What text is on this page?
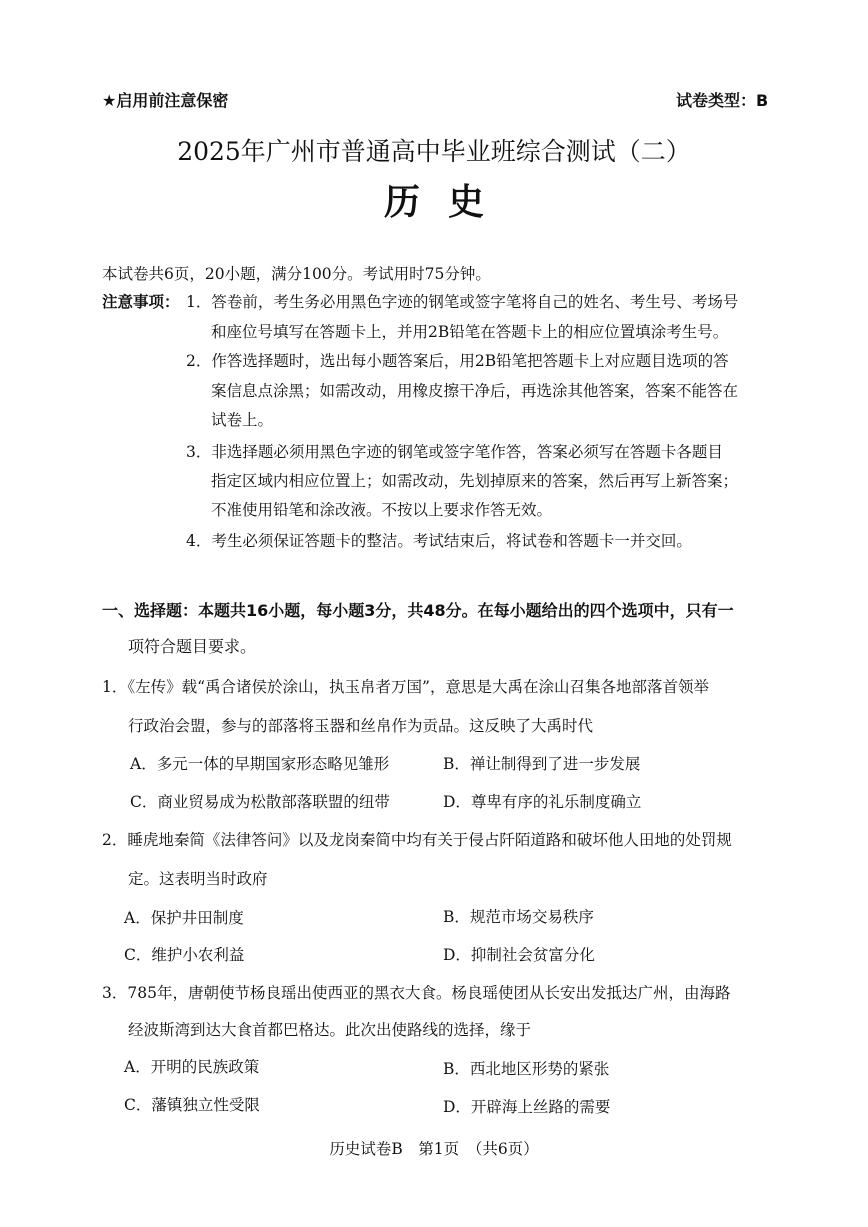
★启用前注意保密	试卷类型：B
2025年广州市普通高中毕业班综合测试（二）
历史
本试卷共6页，20小题，满分100分。考试用时75分钟。
注意事项： 1．答卷前，考生务必用黑色字迹的钢笔或签字笔将自己的姓名、考生号、考场号
和座位号填写在答题卡上，并用2B铅笔在答题卡上的相应位置填涂考生号。
2．作答选择题时，选出每小题答案后，用2B铅笔把答题卡上对应题目选项的答
案信息点涂黑；如需改动，用橡皮擦干净后，再选涂其他答案，答案不能答在
试卷上。
3．非选择题必须用黑色字迹的钢笔或签字笔作答，答案必须写在答题卡各题目
指定区域内相应位置上；如需改动，先划掉原来的答案，然后再写上新答案；
不准使用铅笔和涂改液。不按以上要求作答无效。
4．考生必须保证答题卡的整洁。考试结束后，将试卷和答题卡一并交回。
一、选择题：本题共16小题，每小题3分，共48分。在每小题给出的四个选项中，只有一
项符合题目要求。
1．《左传》载“禹合诸侯於涂山，执玉帛者万国”，意思是大禹在涂山召集各地部落首领举
行政治会盟，参与的部落将玉器和丝帛作为贡品。这反映了大禹时代
A．多元一体的早期国家形态略见雏形	B．禅让制得到了进一步发展
C．商业贸易成为松散部落联盟的纽带	D．尊卑有序的礼乐制度确立
2．睡虎地秦简《法律答问》以及龙岗秦简中均有关于侵占阡陌道路和破坏他人田地的处罚规
定。这表明当时政府
A．保护井田制度	B．规范市场交易秩序
C．维护小农利益	D．抑制社会贫富分化
3．785年，唐朝使节杨良瑶出使西亚的黑衣大食。杨良瑶使团从长安出发抵达广州，由海路
经波斯湾到达大食首都巴格达。此次出使路线的选择，缘于
A．开明的民族政策	B．西北地区形势的紧张
C．藩镇独立性受限	D．开辟海上丝路的需要
历史试卷B　第1页　（共6页）
